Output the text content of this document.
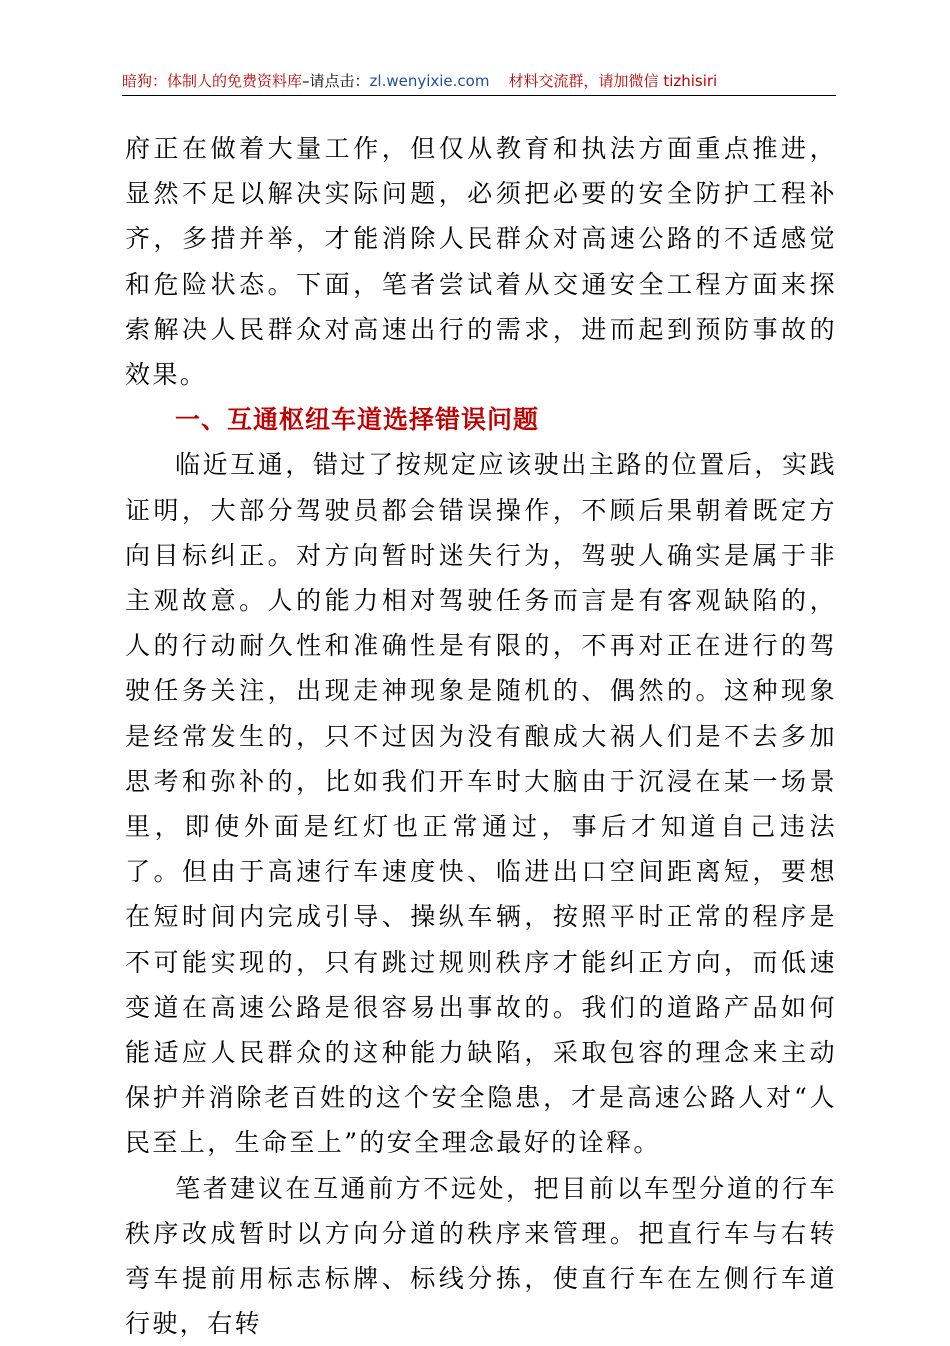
暗狗：体制人的免费资料库–请点击：zl.wenyixie.com 材料交流群，请加微信 tizhisiri

府正在做着大量工作，但仅从教育和执法方面重点推进，显然不足以解决实际问题，必须把必要的安全防护工程补齐，多措并举，才能消除人民群众对高速公路的不适感觉和危险状态。下面，笔者尝试着从交通安全工程方面来探索解决人民群众对高速出行的需求，进而起到预防事故的效果。

一、互通枢纽车道选择错误问题

临近互通，错过了按规定应该驶出主路的位置后，实践证明，大部分驾驶员都会错误操作，不顾后果朝着既定方向目标纠正。对方向暂时迷失行为，驾驶人确实是属于非主观故意。人的能力相对驾驶任务而言是有客观缺陷的，人的行动耐久性和准确性是有限的，不再对正在进行的驾驶任务关注，出现走神现象是随机的、偶然的。这种现象是经常发生的，只不过因为没有酿成大祸人们是不去多加思考和弥补的，比如我们开车时大脑由于沉浸在某一场景里，即使外面是红灯也正常通过，事后才知道自己违法了。但由于高速行车速度快、临进出口空间距离短，要想在短时间内完成引导、操纵车辆，按照平时正常的程序是不可能实现的，只有跳过规则秩序才能纠正方向，而低速变道在高速公路是很容易出事故的。我们的道路产品如何能适应人民群众的这种能力缺陷，采取包容的理念来主动保护并消除老百姓的这个安全隐患，才是高速公路人对“人民至上，生命至上”的安全理念最好的诠释。

笔者建议在互通前方不远处，把目前以车型分道的行车秩序改成暂时以方向分道的秩序来管理。把直行车与右转弯车提前用标志标牌、标线分拣，使直行车在左侧行车道行驶，右转
